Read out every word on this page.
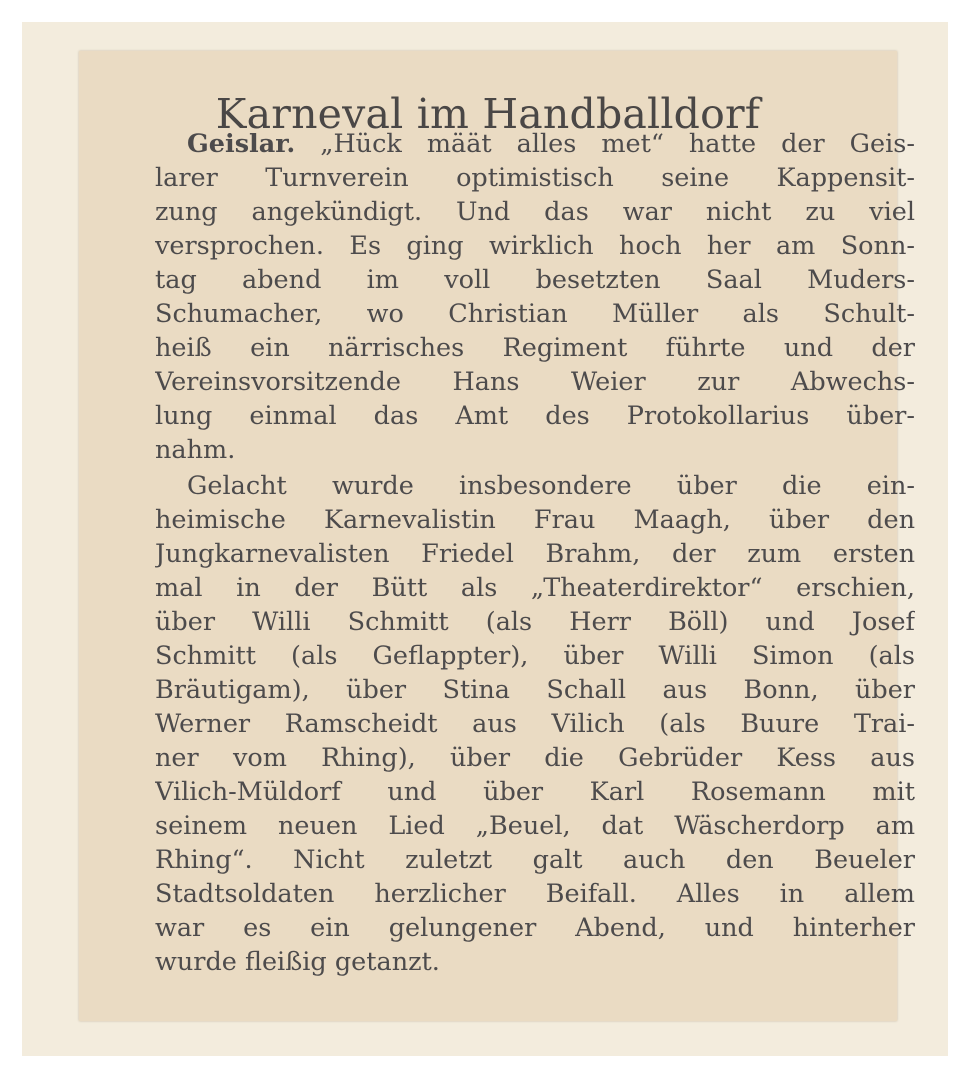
Karneval im Handballdorf

Geislar. „Hück määt alles met“ hatte der Geis-

larer Turnverein optimistisch seine Kappensit-

zung angekündigt. Und das war nicht zu viel

versprochen. Es ging wirklich hoch her am Sonn-

tag abend im voll besetzten Saal Muders-

Schumacher, wo Christian Müller als Schult-

heiß ein närrisches Regiment führte und der

Vereinsvorsitzende Hans Weier zur Abwechs-

lung einmal das Amt des Protokollarius über-

nahm.

Gelacht wurde insbesondere über die ein-

heimische Karnevalistin Frau Maagh, über den

Jungkarnevalisten Friedel Brahm, der zum ersten

mal in der Bütt als „Theaterdirektor“ erschien,

über Willi Schmitt (als Herr Böll) und Josef

Schmitt (als Geflappter), über Willi Simon (als

Bräutigam), über Stina Schall aus Bonn, über

Werner Ramscheidt aus Vilich (als Buure Trai-

ner vom Rhing), über die Gebrüder Kess aus

Vilich-Müldorf und über Karl Rosemann mit

seinem neuen Lied „Beuel, dat Wäscherdorp am

Rhing“. Nicht zuletzt galt auch den Beueler

Stadtsoldaten herzlicher Beifall. Alles in allem

war es ein gelungener Abend, und hinterher

wurde fleißig getanzt.
